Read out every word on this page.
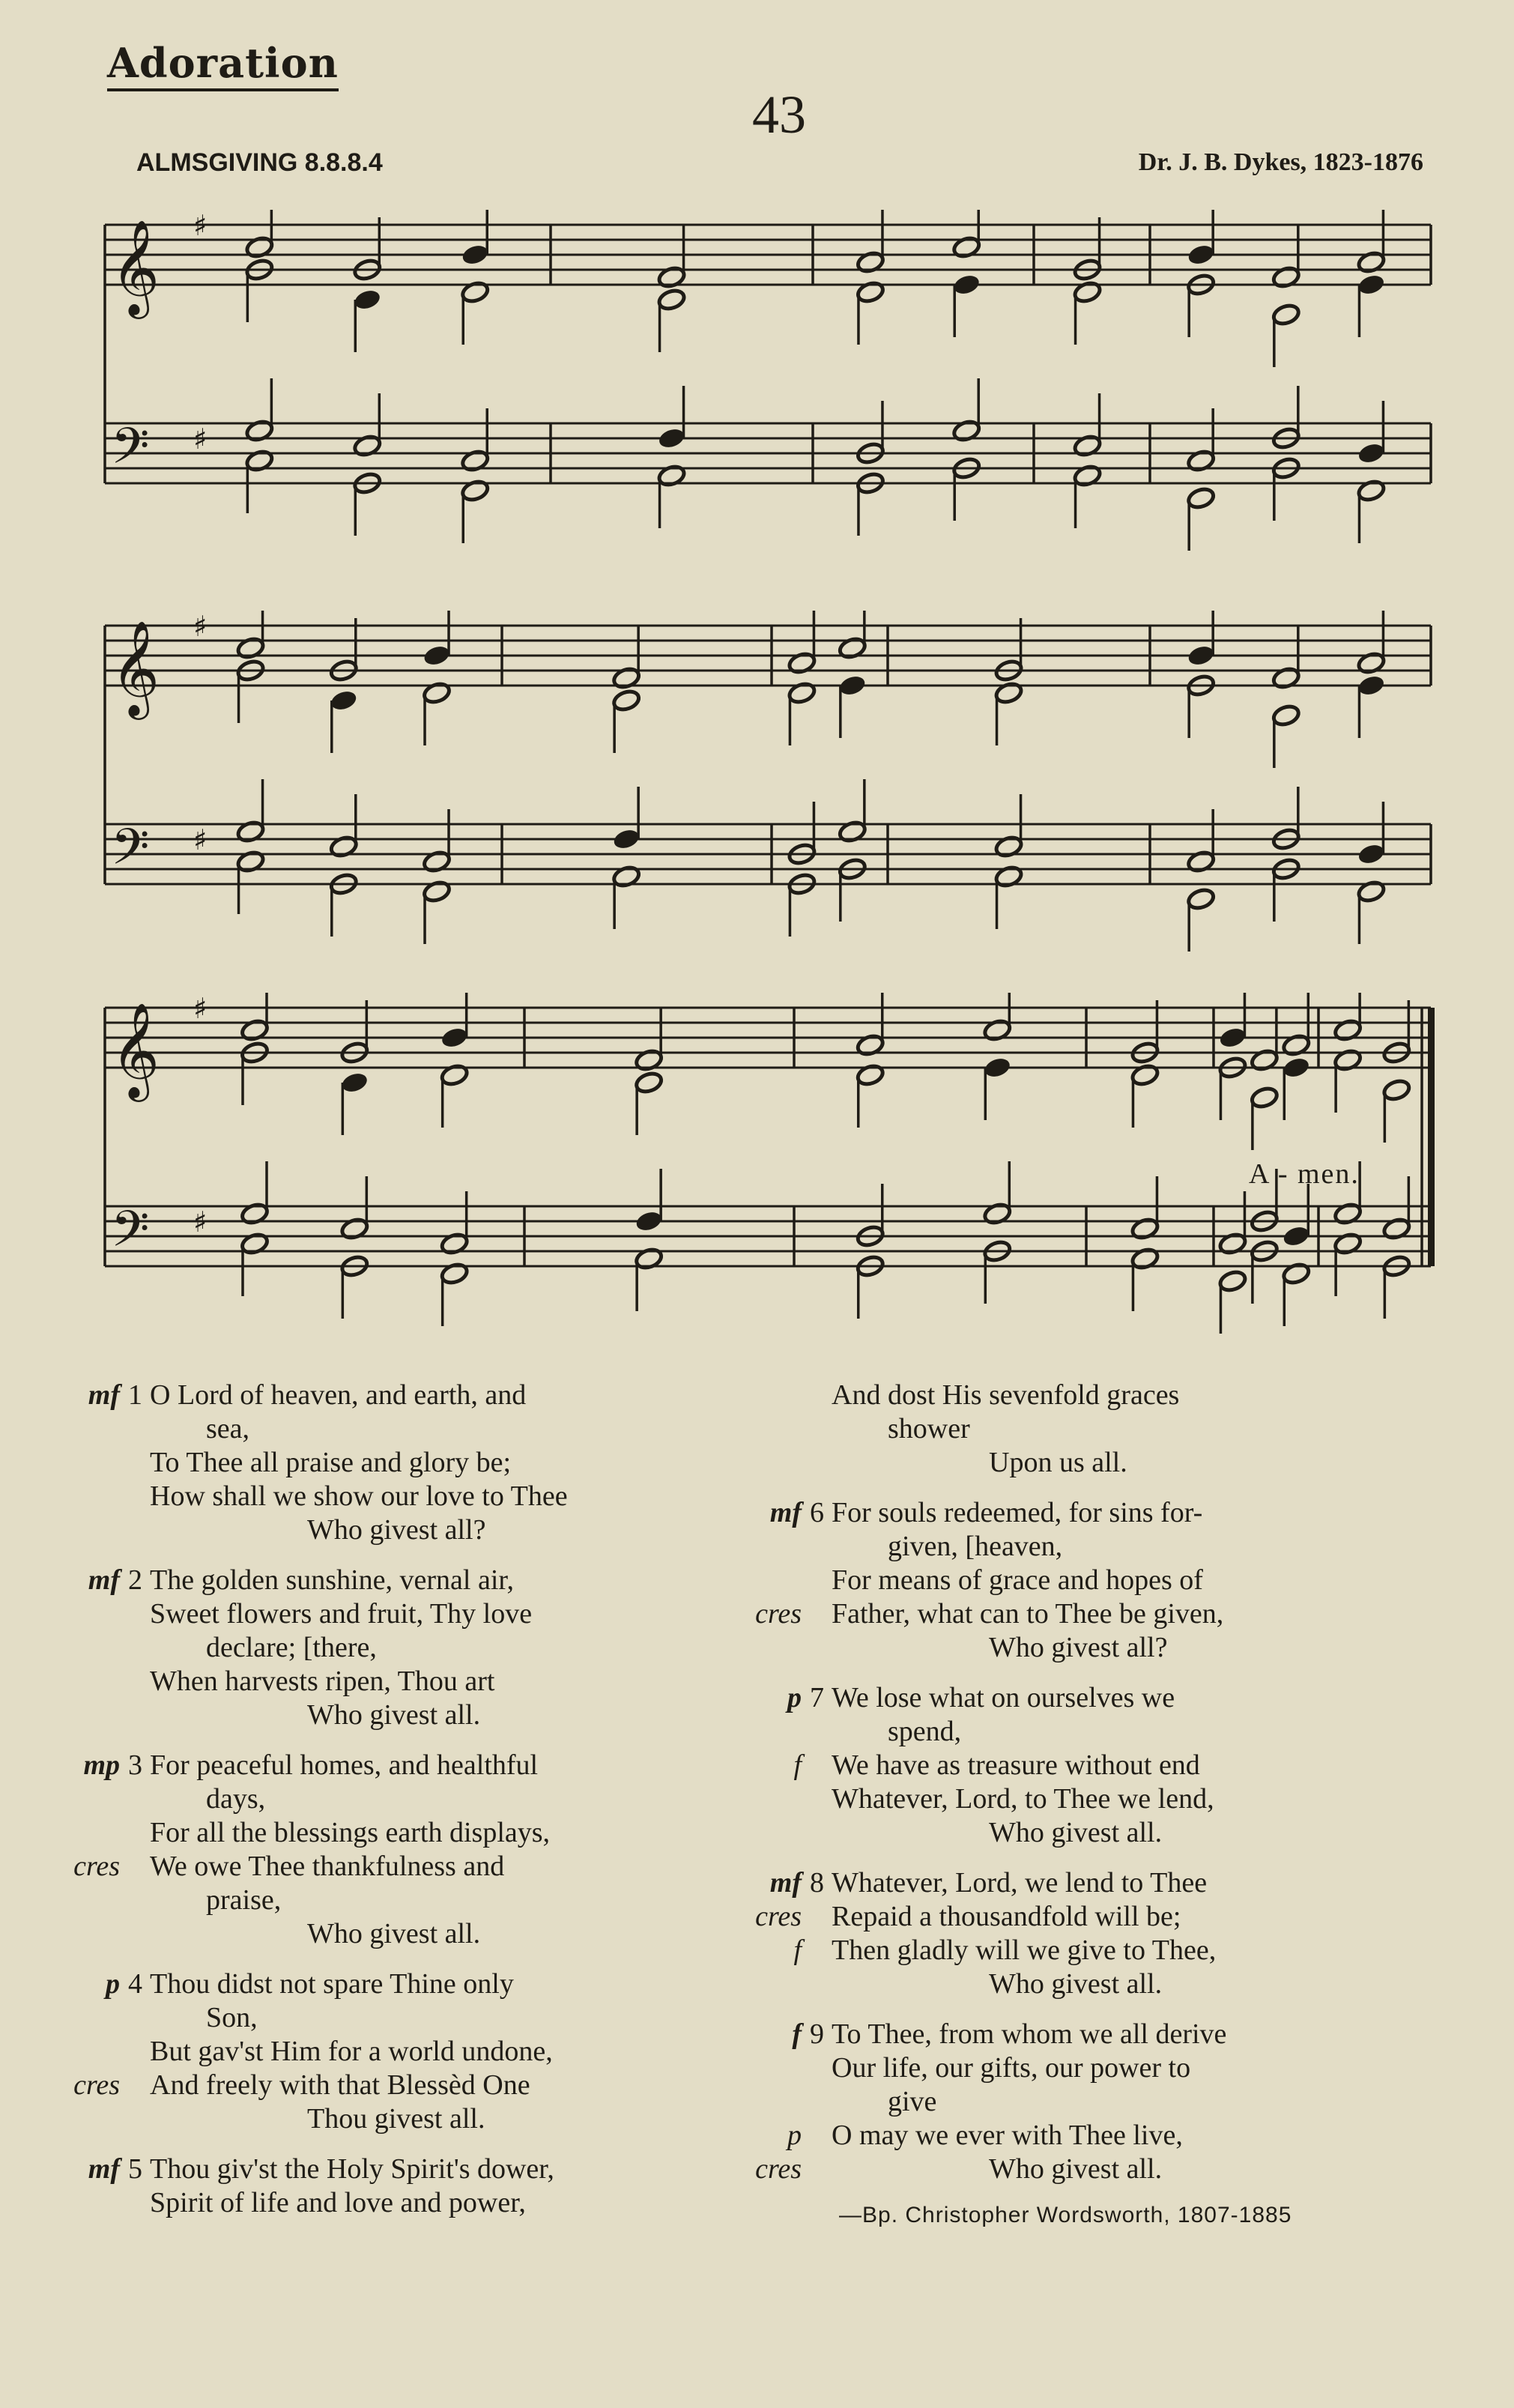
Adoration
43
ALMSGIVING 8.8.8.4	Dr. J. B. Dykes, 1823-1876
𝄞
𝄢
♯
♯
𝄞
𝄢
♯
♯
𝄞
𝄢
♯
♯
A - men.
mf 1 O Lord of heaven, and earth, and
sea,
To Thee all praise and glory be;
How shall we show our love to Thee
Who givest all?
mf 2 The golden sunshine, vernal air,
Sweet flowers and fruit, Thy love
declare; [there,
When harvests ripen, Thou art
Who givest all.
mp 3 For peaceful homes, and healthful
days,
For all the blessings earth displays,
We owe Thee thankfulness and
praise,
Who givest all.
cres
p 4 Thou didst not spare Thine only
Son,
But gav'st Him for a world undone,
And freely with that Blessèd One
Thou givest all.
cres
mf 5 Thou giv'st the Holy Spirit's dower,
Spirit of life and love and power,
And dost His sevenfold graces
shower
Upon us all.
mf 6 For souls redeemed, for sins for-
given, [heaven,
For means of grace and hopes of
Father, what can to Thee be given,
Who givest all?
cres
p 7 We lose what on ourselves we
spend,
We have as treasure without end
Whatever, Lord, to Thee we lend,
Who givest all.
f
mf 8 Whatever, Lord, we lend to Thee
Repaid a thousandfold will be;
Then gladly will we give to Thee,
Who givest all.
cres
f
f 9 To Thee, from whom we all derive
Our life, our gifts, our power to
give
O may we ever with Thee live,
Who givest all.
p
cres
—Bp. Christopher Wordsworth, 1807-1885
